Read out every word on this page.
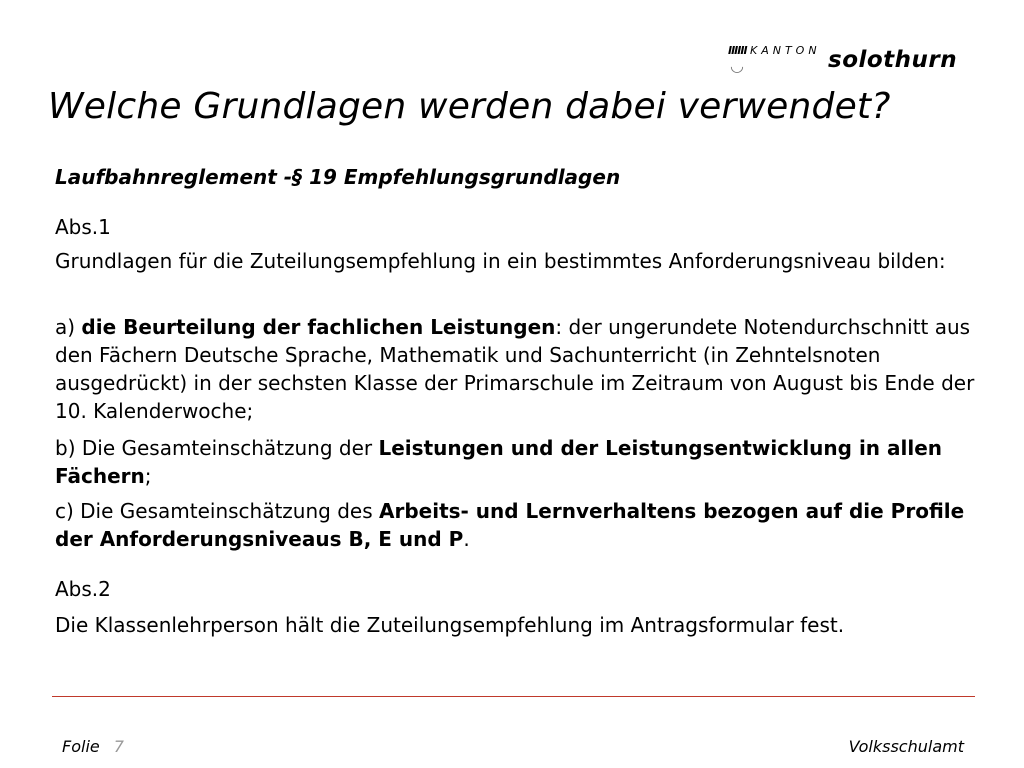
IIIIII KANTON
◡	solothurn
Welche Grundlagen werden dabei verwendet?
Laufbahnreglement -§ 19 Empfehlungsgrundlagen

Abs.1

Grundlagen für die Zuteilungsempfehlung in ein bestimmtes Anforderungsniveau bilden:

a) die Beurteilung der fachlichen Leistungen: der ungerundete Notendurchschnitt aus den Fächern Deutsche Sprache, Mathematik und Sachunterricht (in Zehntelsnoten ausgedrückt) in der sechsten Klasse der Primarschule im Zeitraum von August bis Ende der 10. Kalenderwoche;

b) Die Gesamteinschätzung der Leistungen und der Leistungsentwicklung in allen Fächern;

c) Die Gesamteinschätzung des Arbeits- und Lernverhaltens bezogen auf die Profile der Anforderungsniveaus B, E und P.

Abs.2

Die Klassenlehrperson hält die Zuteilungsempfehlung im Antragsformular fest.

Folie 7	Volksschulamt
